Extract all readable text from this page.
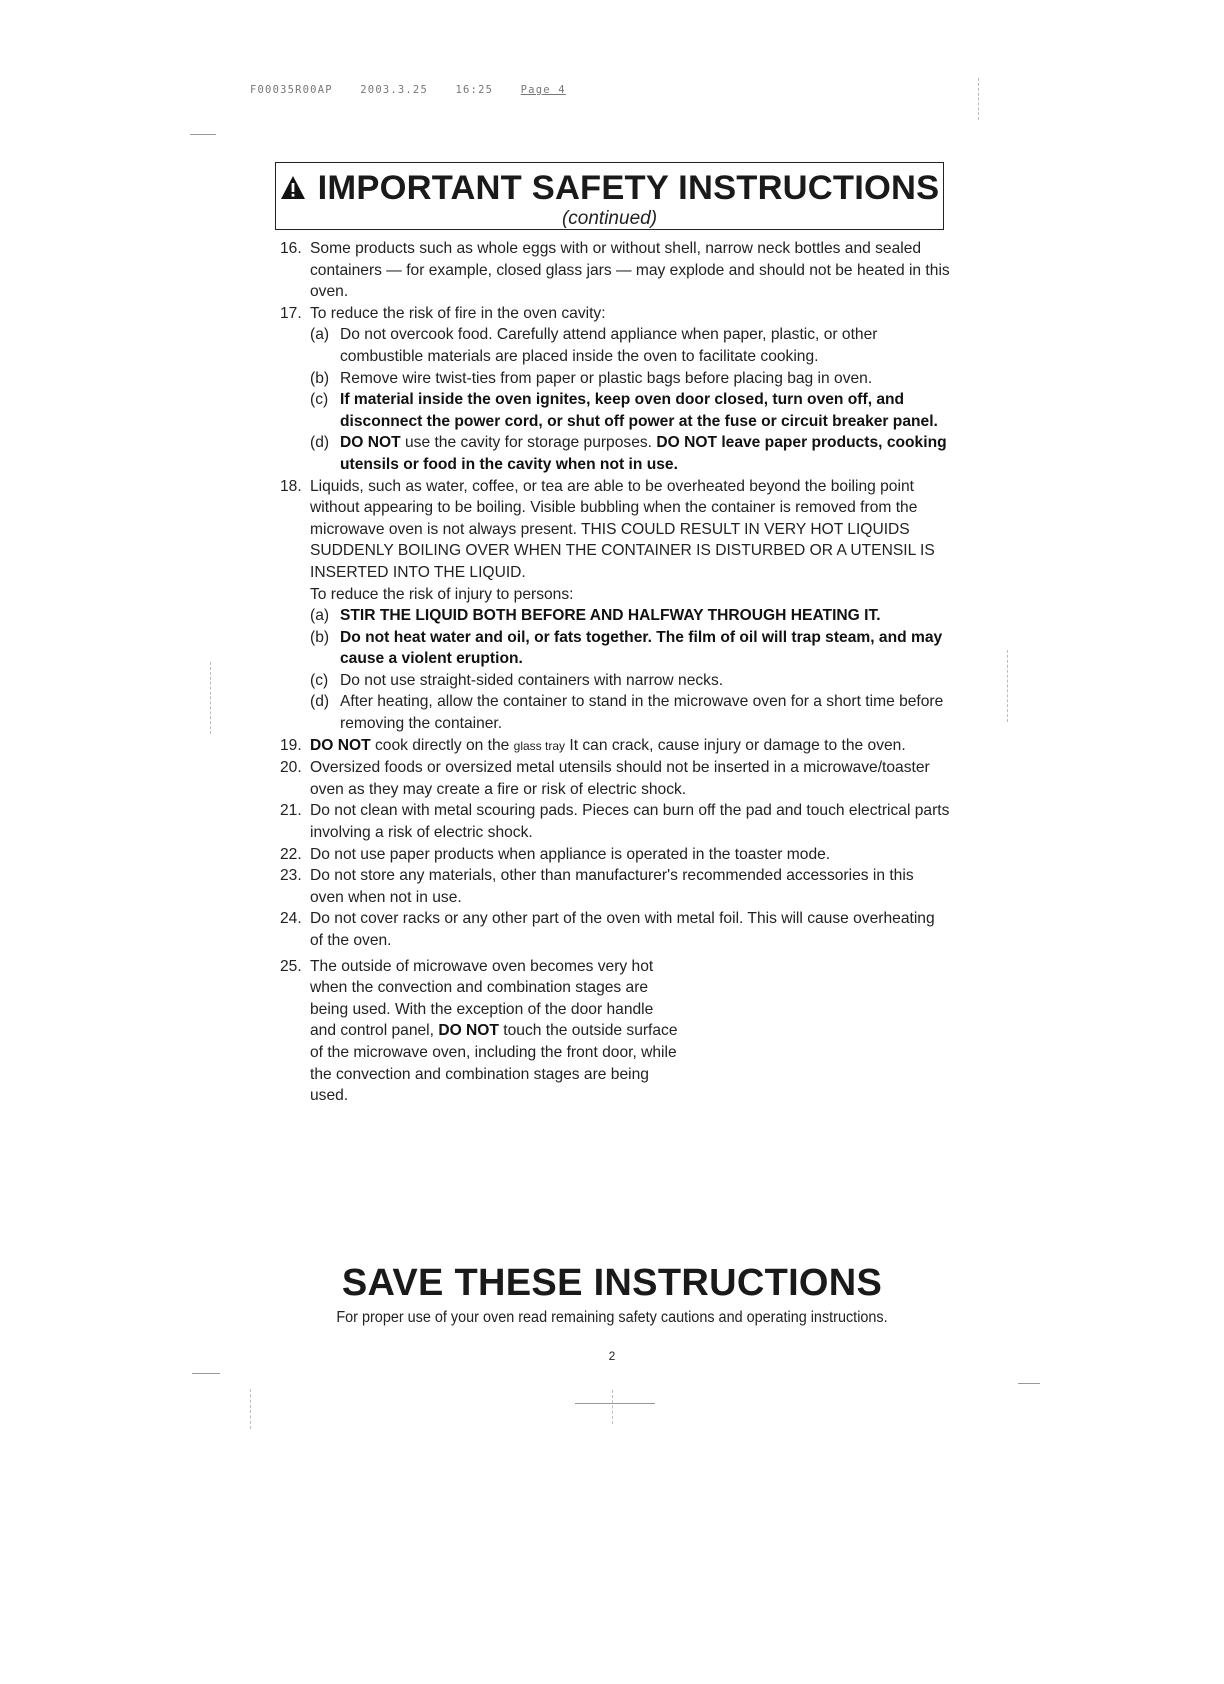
F00035R00AP	2003.3.25	16:25	Page 4
IMPORTANT SAFETY INSTRUCTIONS
(continued)
16. Some products such as whole eggs with or without shell, narrow neck bottles and sealed containers — for example, closed glass jars — may explode and should not be heated in this oven.
17. To reduce the risk of fire in the oven cavity:
(a) Do not overcook food. Carefully attend appliance when paper, plastic, or other combustible materials are placed inside the oven to facilitate cooking.
(b) Remove wire twist-ties from paper or plastic bags before placing bag in oven.
(c) If material inside the oven ignites, keep oven door closed, turn oven off, and disconnect the power cord, or shut off power at the fuse or circuit breaker panel.
(d) DO NOT use the cavity for storage purposes. DO NOT leave paper products, cooking utensils or food in the cavity when not in use.
18. Liquids, such as water, coffee, or tea are able to be overheated beyond the boiling point without appearing to be boiling. Visible bubbling when the container is removed from the microwave oven is not always present. THIS COULD RESULT IN VERY HOT LIQUIDS SUDDENLY BOILING OVER WHEN THE CONTAINER IS DISTURBED OR A UTENSIL IS INSERTED INTO THE LIQUID.
To reduce the risk of injury to persons:
(a) STIR THE LIQUID BOTH BEFORE AND HALFWAY THROUGH HEATING IT.
(b) Do not heat water and oil, or fats together. The film of oil will trap steam, and may cause a violent eruption.
(c) Do not use straight-sided containers with narrow necks.
(d) After heating, allow the container to stand in the microwave oven for a short time before removing the container.
19. DO NOT cook directly on the glass tray It can crack, cause injury or damage to the oven.
20. Oversized foods or oversized metal utensils should not be inserted in a microwave/toaster oven as they may create a fire or risk of electric shock.
21. Do not clean with metal scouring pads. Pieces can burn off the pad and touch electrical parts involving a risk of electric shock.
22. Do not use paper products when appliance is operated in the toaster mode.
23. Do not store any materials, other than manufacturer's recommended accessories in this oven when not in use.
24. Do not cover racks or any other part of the oven with metal foil. This will cause overheating of the oven.
25. The outside of microwave oven becomes very hot when the convection and combination stages are being used. With the exception of the door handle and control panel, DO NOT touch the outside surface of the microwave oven, including the front door, while the convection and combination stages are being used.
SAVE THESE INSTRUCTIONS
For proper use of your oven read remaining safety cautions and operating instructions.
2
